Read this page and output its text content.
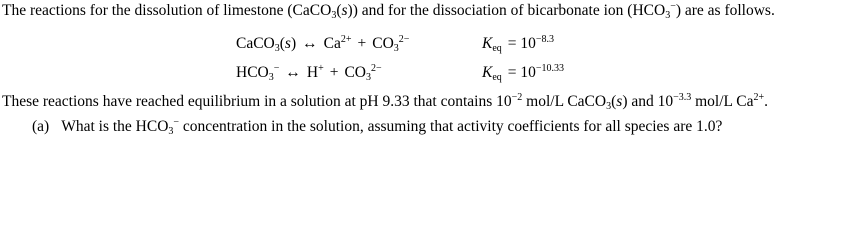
The reactions for the dissolution of limestone (CaCO$_3$(s)) and for the dissociation of bicarbonate ion $(HCO_3^-)$ are as follows.
CaCO$_3$(s) ↔ $Ca^{2+} + CO_3^{2-}$	$K_{eq} = 10^{-8.3}$
$HCO_3^-$ ↔ $H^+ + CO_3^{2-}$	$K_{eq} = 10^{-10.33}$
These reactions have reached equilibrium in a solution at pH 9.33 that contains $10^{-2}$ mol/L CaCO$_3$(s) and $10^{-3.3}$ mol/L $Ca^{2+}$.
(a) What is the $HCO_3^-$ concentration in the solution, assuming that activity coefficients for all species are 1.0?
